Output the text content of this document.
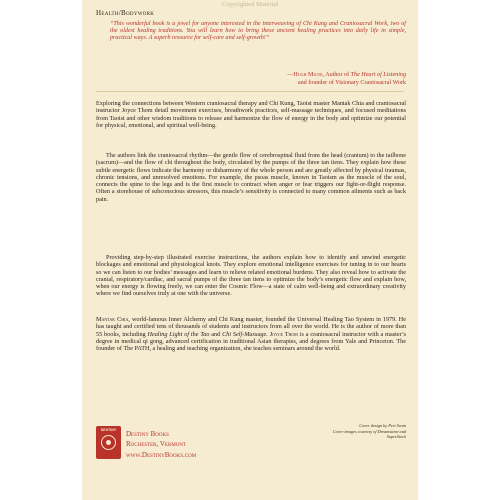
Copyrighted Material
Health/Bodywork
“This wonderful book is a jewel for anyone interested in the interweaving of Chi Kung and Craniosacral Work, two of the oldest healing traditions. You will learn how to bring these ancient healing practices into daily life in simple, practical ways. A superb resource for self-care and self-growth!”
—Hugh Milne, Author of The Heart of Listening
and founder of Visionary Craniosacral Work

Exploring the connections between Western craniosacral therapy and Chi Kung, Taoist master Mantak Chia and craniosacral instructor Joyce Thom detail movement exercises, breathwork practices, self-massage techniques, and focused meditations from Taoist and other wisdom traditions to release and harmonize the flow of energy in the body and optimize our potential for physical, emotional, and spiritual well-being.

The authors link the craniosacral rhythm—the gentle flow of cerebrospinal fluid from the head (cranium) to the tailbone (sacrum)—and the flow of chi throughout the body, circulated by the pumps of the three tan tiens. They explain how these subtle energetic flows indicate the harmony or disharmony of the whole person and are greatly affected by physical traumas, chronic tensions, and unresolved emotions. For example, the psoas muscle, known in Taoism as the muscle of the soul, connects the spine to the legs and is the first muscle to contract when anger or fear triggers our fight-or-flight response. Often a storehouse of subconscious stressors, this muscle’s sensitivity is connected to many common ailments such as back pain.

Providing step-by-step illustrated exercise instructions, the authors explain how to identify and unwind energetic blockages and emotional and physiological knots. They explore emotional intelligence exercises for tuning in to our hearts so we can listen to our bodies’ messages and learn to relieve related emotional burdens. They also reveal how to activate the cranial, respiratory/cardiac, and sacral pumps of the three tan tiens to optimize the body’s energetic flow and explain how, when our energy is flowing freely, we can enter the Cosmic Flow—a state of calm well-being and extraordinary creativity where we find ourselves truly at one with the universe.

Mantak Chia, world-famous Inner Alchemy and Chi Kung master, founded the Universal Healing Tao System in 1979. He has taught and certified tens of thousands of students and instructors from all over the world. He is the author of more than 55 books, including Healing Light of the Tao and Chi Self-Massage. Joyce Thom is a craniosacral instructor with a master’s degree in medical qi gong, advanced certification in traditional Asian therapies, and degrees from Yale and Princeton. The founder of The PATH, a healing and teaching organization, she teaches seminars around the world.

DESTINY	Destiny Books
Rochester, Vermont
www.DestinyBooks.com
Cover design by Peri Swan
Cover images courtesy of Dreamstime and SuperStock
